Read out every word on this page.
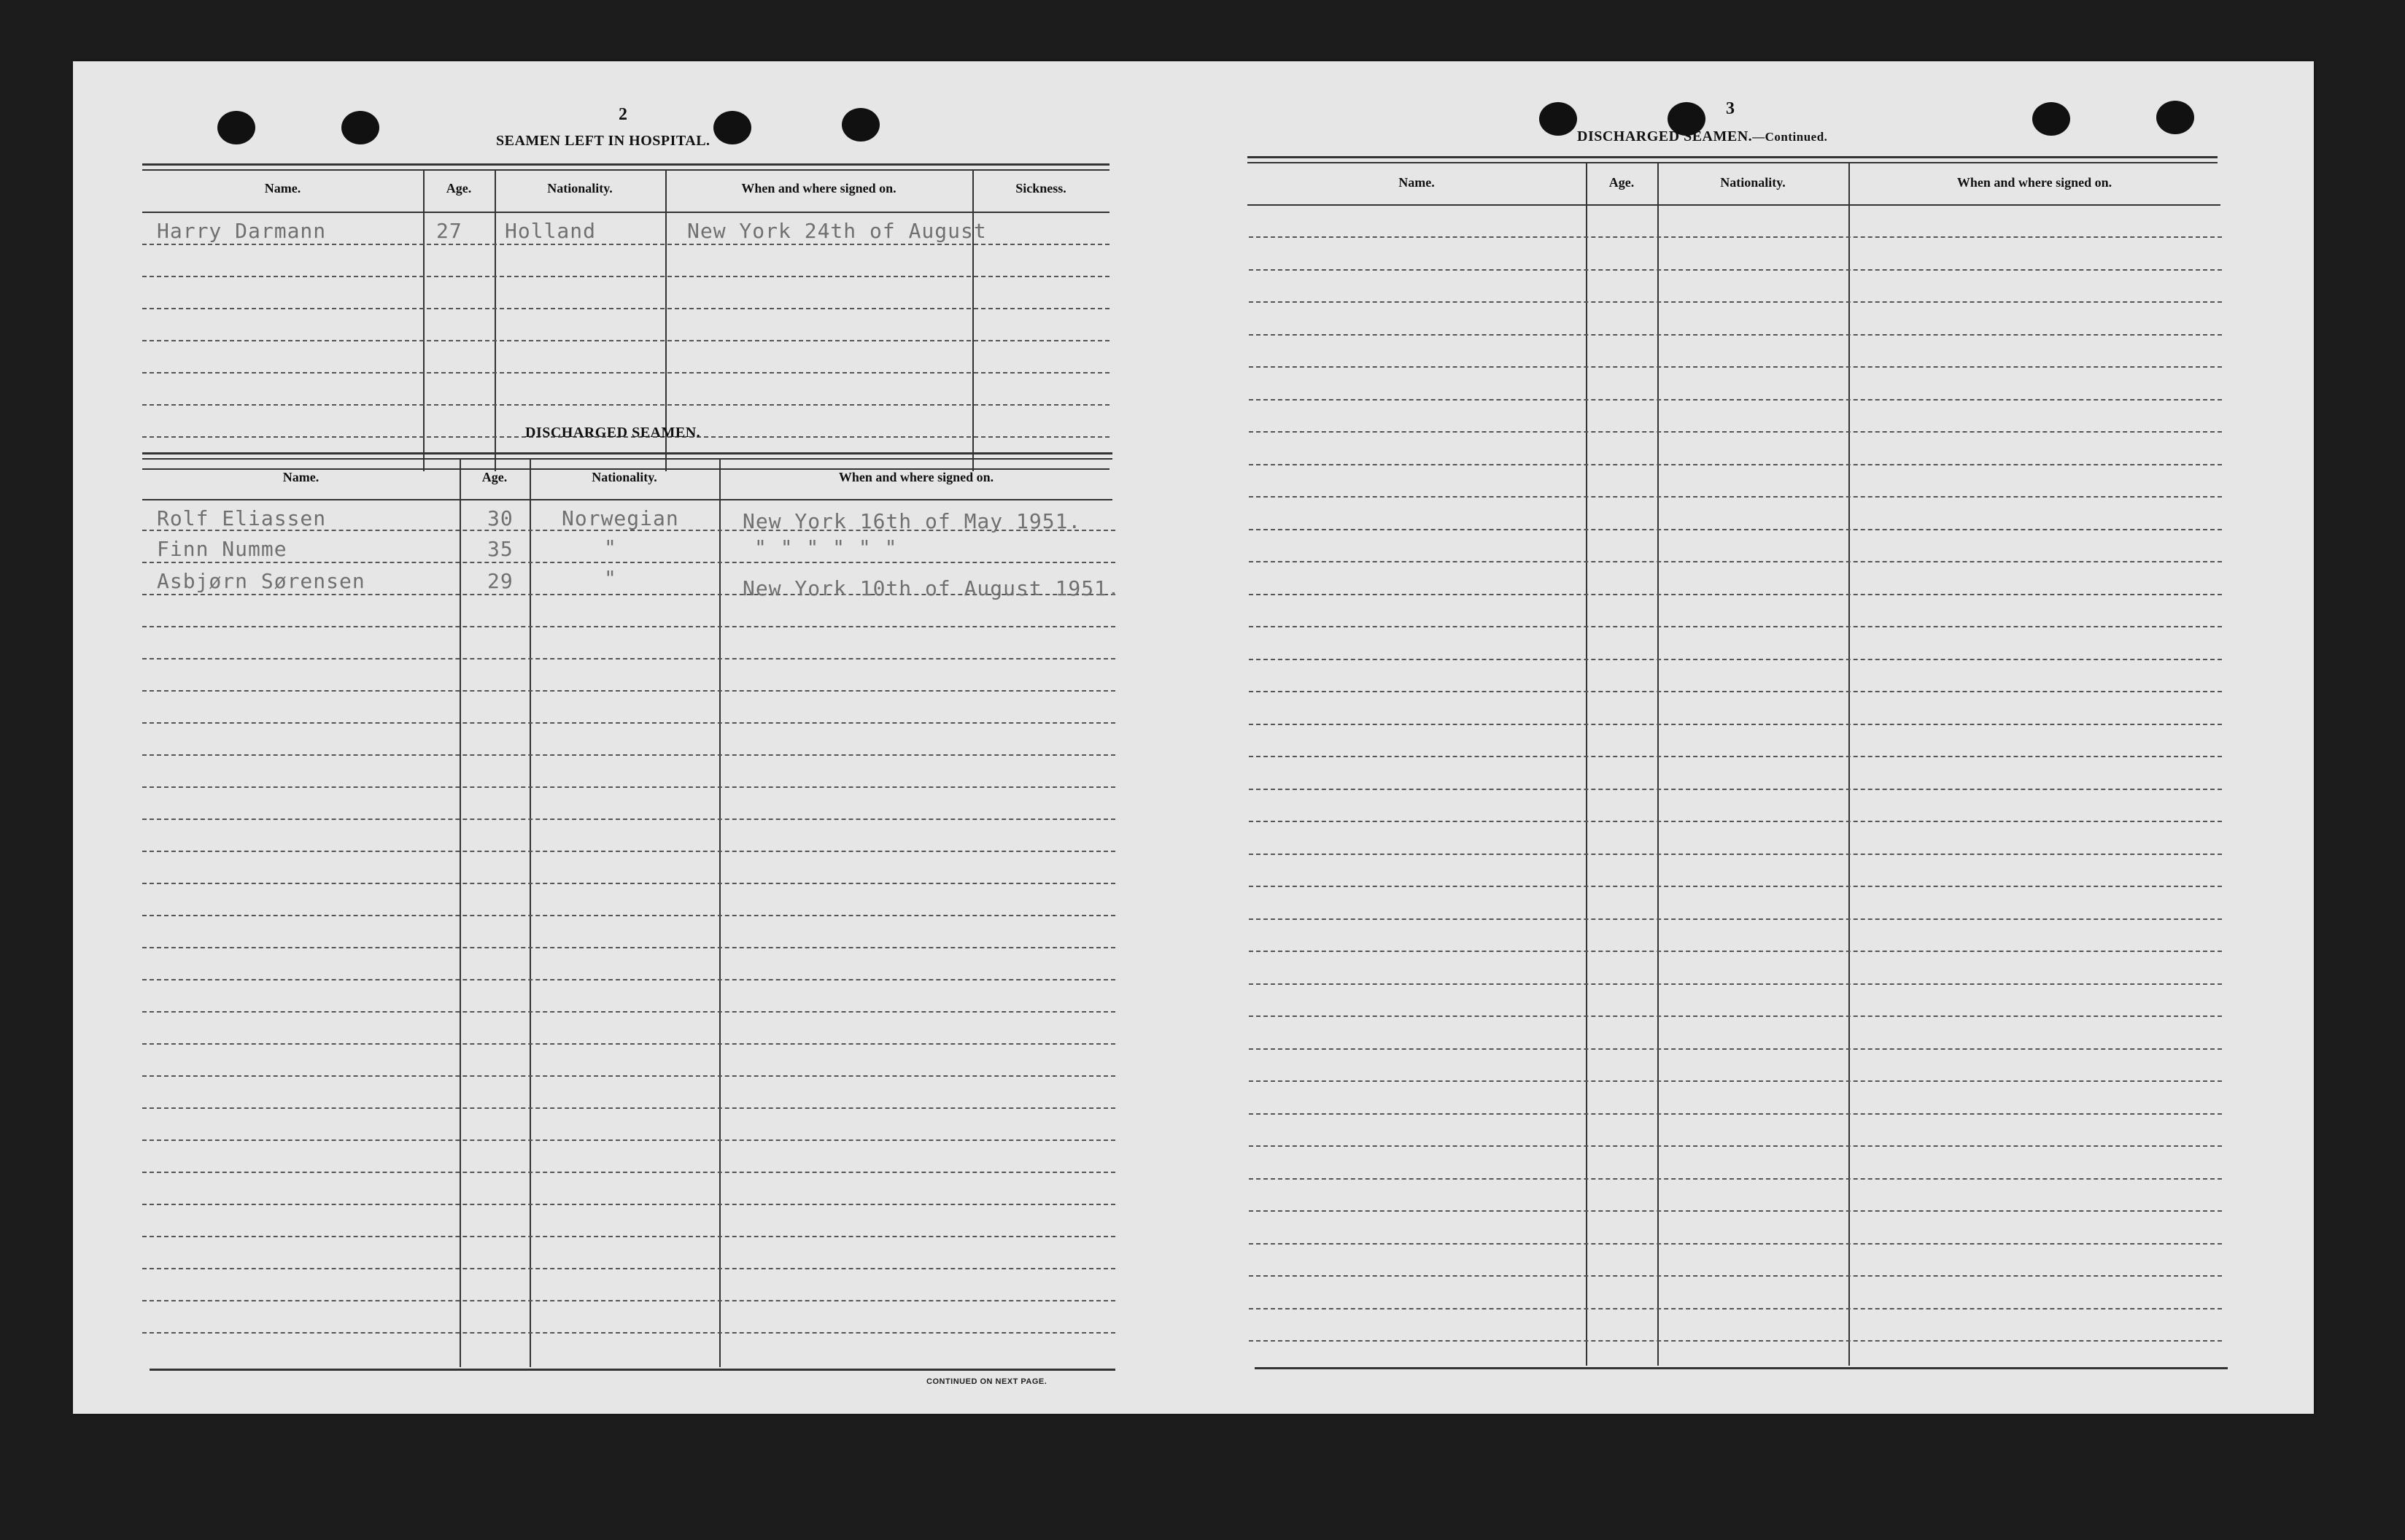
2
SEAMEN LEFT IN HOSPITAL.
Name.	Age.	Nationality.	When and where signed on.	Sickness.
Harry Darmann	27 Holland	New York 24th of August
DISCHARGED SEAMEN.
Name.	Age.	Nationality.	When and where signed on.
Rolf Eliassen	30 Norwegian	New York 16th of May 1951.
Finn Numme	35	"	" " " " " "
Asbjørn Sørensen	29	"	New York 10th of August 1951.
CONTINUED ON NEXT PAGE.
3
DISCHARGED SEAMEN.—Continued.
Name.	Age.	Nationality.	When and where signed on.
